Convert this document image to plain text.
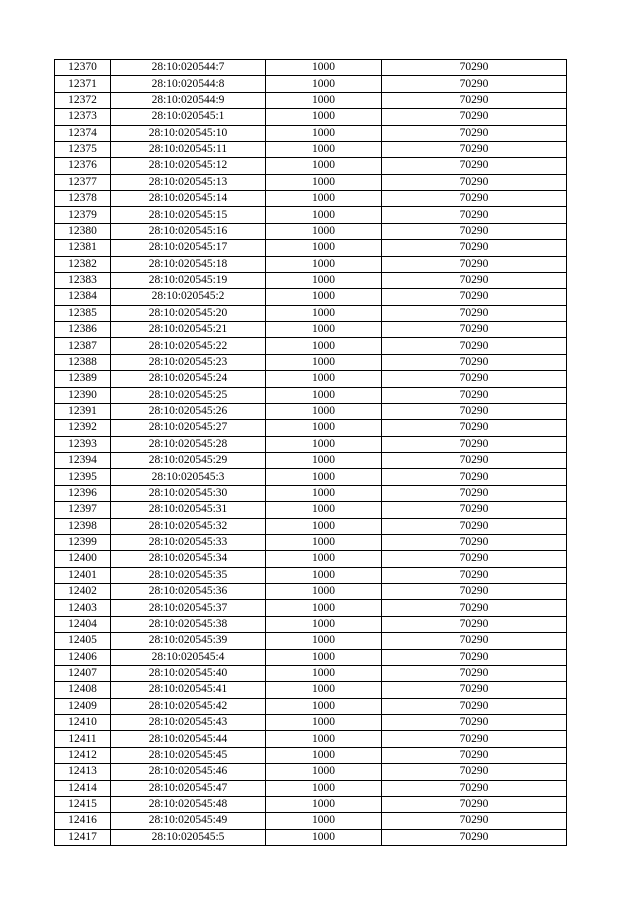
12370	28:10:020544:7	1000	70290
12371	28:10:020544:8	1000	70290
12372	28:10:020544:9	1000	70290
12373	28:10:020545:1	1000	70290
12374	28:10:020545:10	1000	70290
12375	28:10:020545:11	1000	70290
12376	28:10:020545:12	1000	70290
12377	28:10:020545:13	1000	70290
12378	28:10:020545:14	1000	70290
12379	28:10:020545:15	1000	70290
12380	28:10:020545:16	1000	70290
12381	28:10:020545:17	1000	70290
12382	28:10:020545:18	1000	70290
12383	28:10:020545:19	1000	70290
12384	28:10:020545:2	1000	70290
12385	28:10:020545:20	1000	70290
12386	28:10:020545:21	1000	70290
12387	28:10:020545:22	1000	70290
12388	28:10:020545:23	1000	70290
12389	28:10:020545:24	1000	70290
12390	28:10:020545:25	1000	70290
12391	28:10:020545:26	1000	70290
12392	28:10:020545:27	1000	70290
12393	28:10:020545:28	1000	70290
12394	28:10:020545:29	1000	70290
12395	28:10:020545:3	1000	70290
12396	28:10:020545:30	1000	70290
12397	28:10:020545:31	1000	70290
12398	28:10:020545:32	1000	70290
12399	28:10:020545:33	1000	70290
12400	28:10:020545:34	1000	70290
12401	28:10:020545:35	1000	70290
12402	28:10:020545:36	1000	70290
12403	28:10:020545:37	1000	70290
12404	28:10:020545:38	1000	70290
12405	28:10:020545:39	1000	70290
12406	28:10:020545:4	1000	70290
12407	28:10:020545:40	1000	70290
12408	28:10:020545:41	1000	70290
12409	28:10:020545:42	1000	70290
12410	28:10:020545:43	1000	70290
12411	28:10:020545:44	1000	70290
12412	28:10:020545:45	1000	70290
12413	28:10:020545:46	1000	70290
12414	28:10:020545:47	1000	70290
12415	28:10:020545:48	1000	70290
12416	28:10:020545:49	1000	70290
12417	28:10:020545:5	1000	70290
